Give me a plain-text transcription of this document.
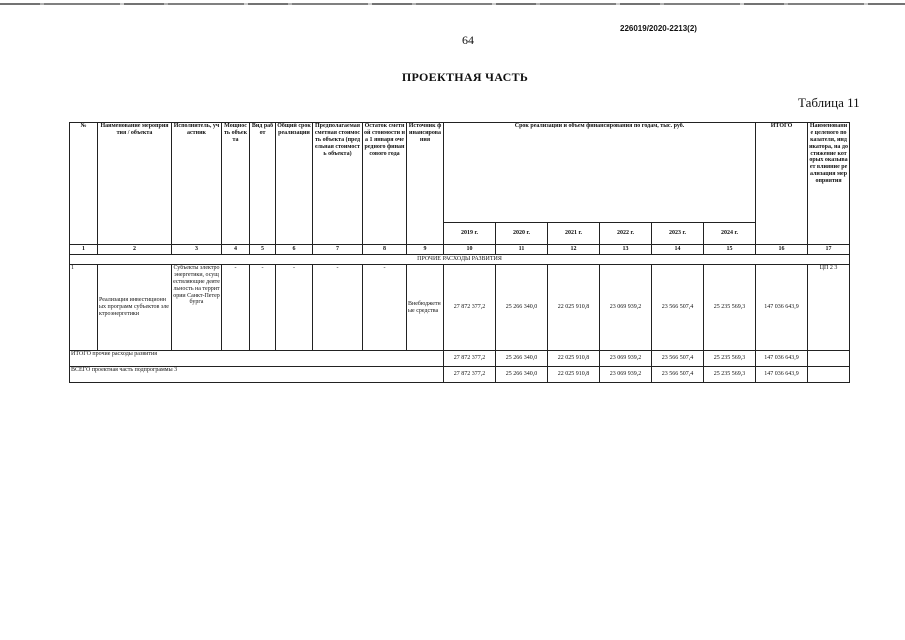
226019/2020-2213(2)
64
ПРОЕКТНАЯ ЧАСТЬ
Таблица 11
№	Наименование мероприятия / объекта	Исполнитель, участник	Мощность объекта	Вид работ	Общий срок реализации	Предполагаемая сметная стоимость объекта (предельная стоимость объекта)	Остаток сметной стоимости на 1 января очередного финансового года	Источник финансирования	Срок реализации и объем финансирования по годам, тыс. руб.						ИТОГО	Наименование целевого показателя, индикатора, на достижение которых оказывает влияние реализация мероприятия
									2019 г.	2020 г.	2021 г.	2022 г.	2023 г.	2024 г.		
1	2	3	4	5	6	7	8	9	10	11	12	13	14	15	16	17
ПРОЧИЕ РАСХОДЫ РАЗВИТИЯ																
1	Реализация инвестиционных программ субъектов электроэнергетики	Субъекты электроэнергетики, осуществляющие деятельность на территории Санкт-Петербурга	-	-	-	-	-	Внебюджетные средства	27 872 377,2	25 266 340,0	22 025 910,8	23 069 939,2	23 566 507,4	25 235 569,3	147 036 643,9	ЦП 2 3
ИТОГО прочие расходы развития									27 872 377,2	25 266 340,0	22 025 910,8	23 069 939,2	23 566 507,4	25 235 569,3	147 036 643,9	
ВСЕГО проектная часть подпрограммы 3									27 872 377,2	25 266 340,0	22 025 910,8	23 069 939,2	23 566 507,4	25 235 569,3	147 036 643,9	
